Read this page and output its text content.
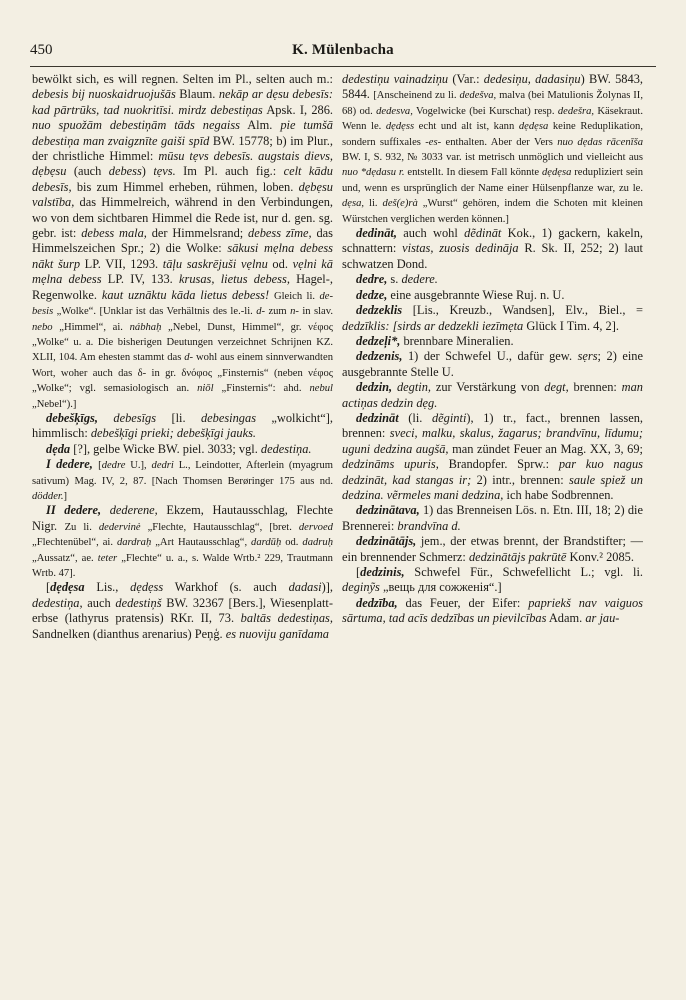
450	K. Mülenbacha

bewölkt sich, es will regnen. Selten im Pl., selten auch m.: debesis bij nuoskaidruojušās Blaum. nekāp ar dẹsu debesīs: kad pārtrūks, tad nuokritīsi. mirdz debestiņas Apsk. I, 286. nuo spuožām debestiņām tāds negaiss Alm. pie tumšā debestiņa man zvaigznīte gaiši spīd BW. 15778; b) im Plur., der christliche Himmel: mūsu tẹvs debesīs. augstais dievs, dẹbẹsu (auch debess) tẹvs. Im Pl. auch fig.: celt kādu debesīs, bis zum Himmel erheben, rühmen, loben. dẹbẹsu valstība, das Himmelreich, während in den Verbindungen, wo von dem sichtbaren Himmel die Rede ist, nur d. gen. sg. gebr. ist: debess mala, der Himmelsrand; debess zīme, das Himmelszeichen Spr.; 2) die Wolke: sākusi mẹlna debess nākt šurp LP. VII, 1293. tāļu saskrējuši vẹlnu od. vẹlni kā mẹlna debess LP. IV, 133. krusas, lietus debess, Hagel-, Regenwolke. kaut uznāktu kāda lietus debess! Gleich li. debesis „Wolke“. [Unklar ist das Verhältnis des le.-li. d- zum n- in slav. nebo „Himmel“, ai. nábhaḥ „Nebel, Dunst, Himmel“, gr. νέφος „Wolke“ u. a. Die bisherigen Deutungen verzeichnet Schrijnen KZ. XLII, 104. Am ehesten stammt das d- wohl aus einem sinnverwandten Wort, woher auch das δ- in gr. δνόφος „Finsternis“ (neben νέφος „Wolke“; vgl. semasiologisch an. niōl „Finsternis“: ahd. nebul „Nebel“).]

debešķīgs, debesīgs [li. debesingas „wolkicht“], himmlisch: debešķīgi prieki; debešķīgi jauks.

dẹda [?], gelbe Wicke BW. piel. 3033; vgl. dedestiņa.

I dedere, [dedre U.], dedri L., Leindotter, Afterlein (myagrum sativum) Mag. IV, 2, 87. [Nach Thomsen Berøringer 175 aus nd. dödder.]

II dedere, dederene, Ekzem, Hautausschlag, Flechte Nigr. Zu li. dedervinė „Flechte, Hautausschlag“, [bret. dervoed „Flechtenübel“, ai. dardraḥ „Art Hautausschlag“, dardūḥ od. dadruḥ „Aussatz“, ae. teter „Flechte“ u. a., s. Walde Wrtb.² 229, Trautmann Wrtb. 47].

[dẹdẹsa Lis., dẹdẹss Warkhof (s. auch dadasi)], dedestiņa, auch dedestiņš BW. 32367 [Bers.], Wiesenplatterbse (lathyrus pratensis) RKr. II, 73. baltās dedestiņas, Sandnelken (dianthus arenarius) Peņģ. es nuoviju ganīdama

dedestiņu vainadziņu (Var.: dedesiņu, dadasiņu) BW. 5843, 5844. [Anscheinend zu li. dedešva, malva (bei Matulionis Žolynas II, 68) od. dedesva, Vogelwicke (bei Kurschat) resp. dedešra, Käsekraut. Wenn le. dẹdẹss echt und alt ist, kann dẹdẹsa keine Reduplikation, sondern suffixales -es- enthalten. Aber der Vers nuo dẹdas rācenīša BW. I, S. 932, № 3033 var. ist metrisch unmöglich und vielleicht aus nuo *dẹdasu r. entstellt. In diesem Fall könnte dẹdẹsa redupliziert sein und, wenn es ursprünglich der Name einer Hülsenpflanze war, zu le. dẹsa, li. deš(e)rà „Wurst“ gehören, indem die Schoten mit kleinen Würstchen verglichen werden können.]

dedināt, auch wohl dẽdināt Kok., 1) gackern, kakeln, schnattern: vistas, zuosis dedināja R. Sk. II, 252; 2) laut schwatzen Dond.

dedre, s. dedere.

dedze, eine ausgebrannte Wiese Ruj. n. U.

dedzeklis [Lis., Kreuzb., Wandsen], Elv., Biel., = dedzīklis: [sirds ar dedzekli iezīmẹta Glück I Tim. 4, 2].

dedzeļi*, brennbare Mineralien.

dedzenis, 1) der Schwefel U., dafür gew. sẹrs; 2) eine ausgebrannte Stelle U.

dedzin, degtin, zur Verstärkung von degt, brennen: man actiņas dedzin dẹg.

dedzināt (li. dẽginti), 1) tr., fact., brennen lassen, brennen: sveci, malku, skalus, žagarus; brandvīnu, līdumu; uguni dedzina augšā, man zündet Feuer an Mag. XX, 3, 69; dedzināms upuris, Brandopfer. Sprw.: par kuo nagus dedzināt, kad stangas ir; 2) intr., brennen: saule spiež un dedzina. vẽrmeles mani dedzina, ich habe Sodbrennen.

dedzinātava, 1) das Brenneisen Lös. n. Etn. III, 18; 2) die Brennerei: brandvīna d.

dedzinātājs, jem., der etwas brennt, der Brandstifter; — ein brennender Schmerz: dedzinātājs pakrūtē Konv.² 2085.

[dedzinis, Schwefel Für., Schwefellicht L.; vgl. li. deginỹs „вещь для сожженія“.]

dedzība, das Feuer, der Eifer: papriekš nav vaiguos sārtuma, tad acīs dedzības un pievilcības Adam. ar jau-
